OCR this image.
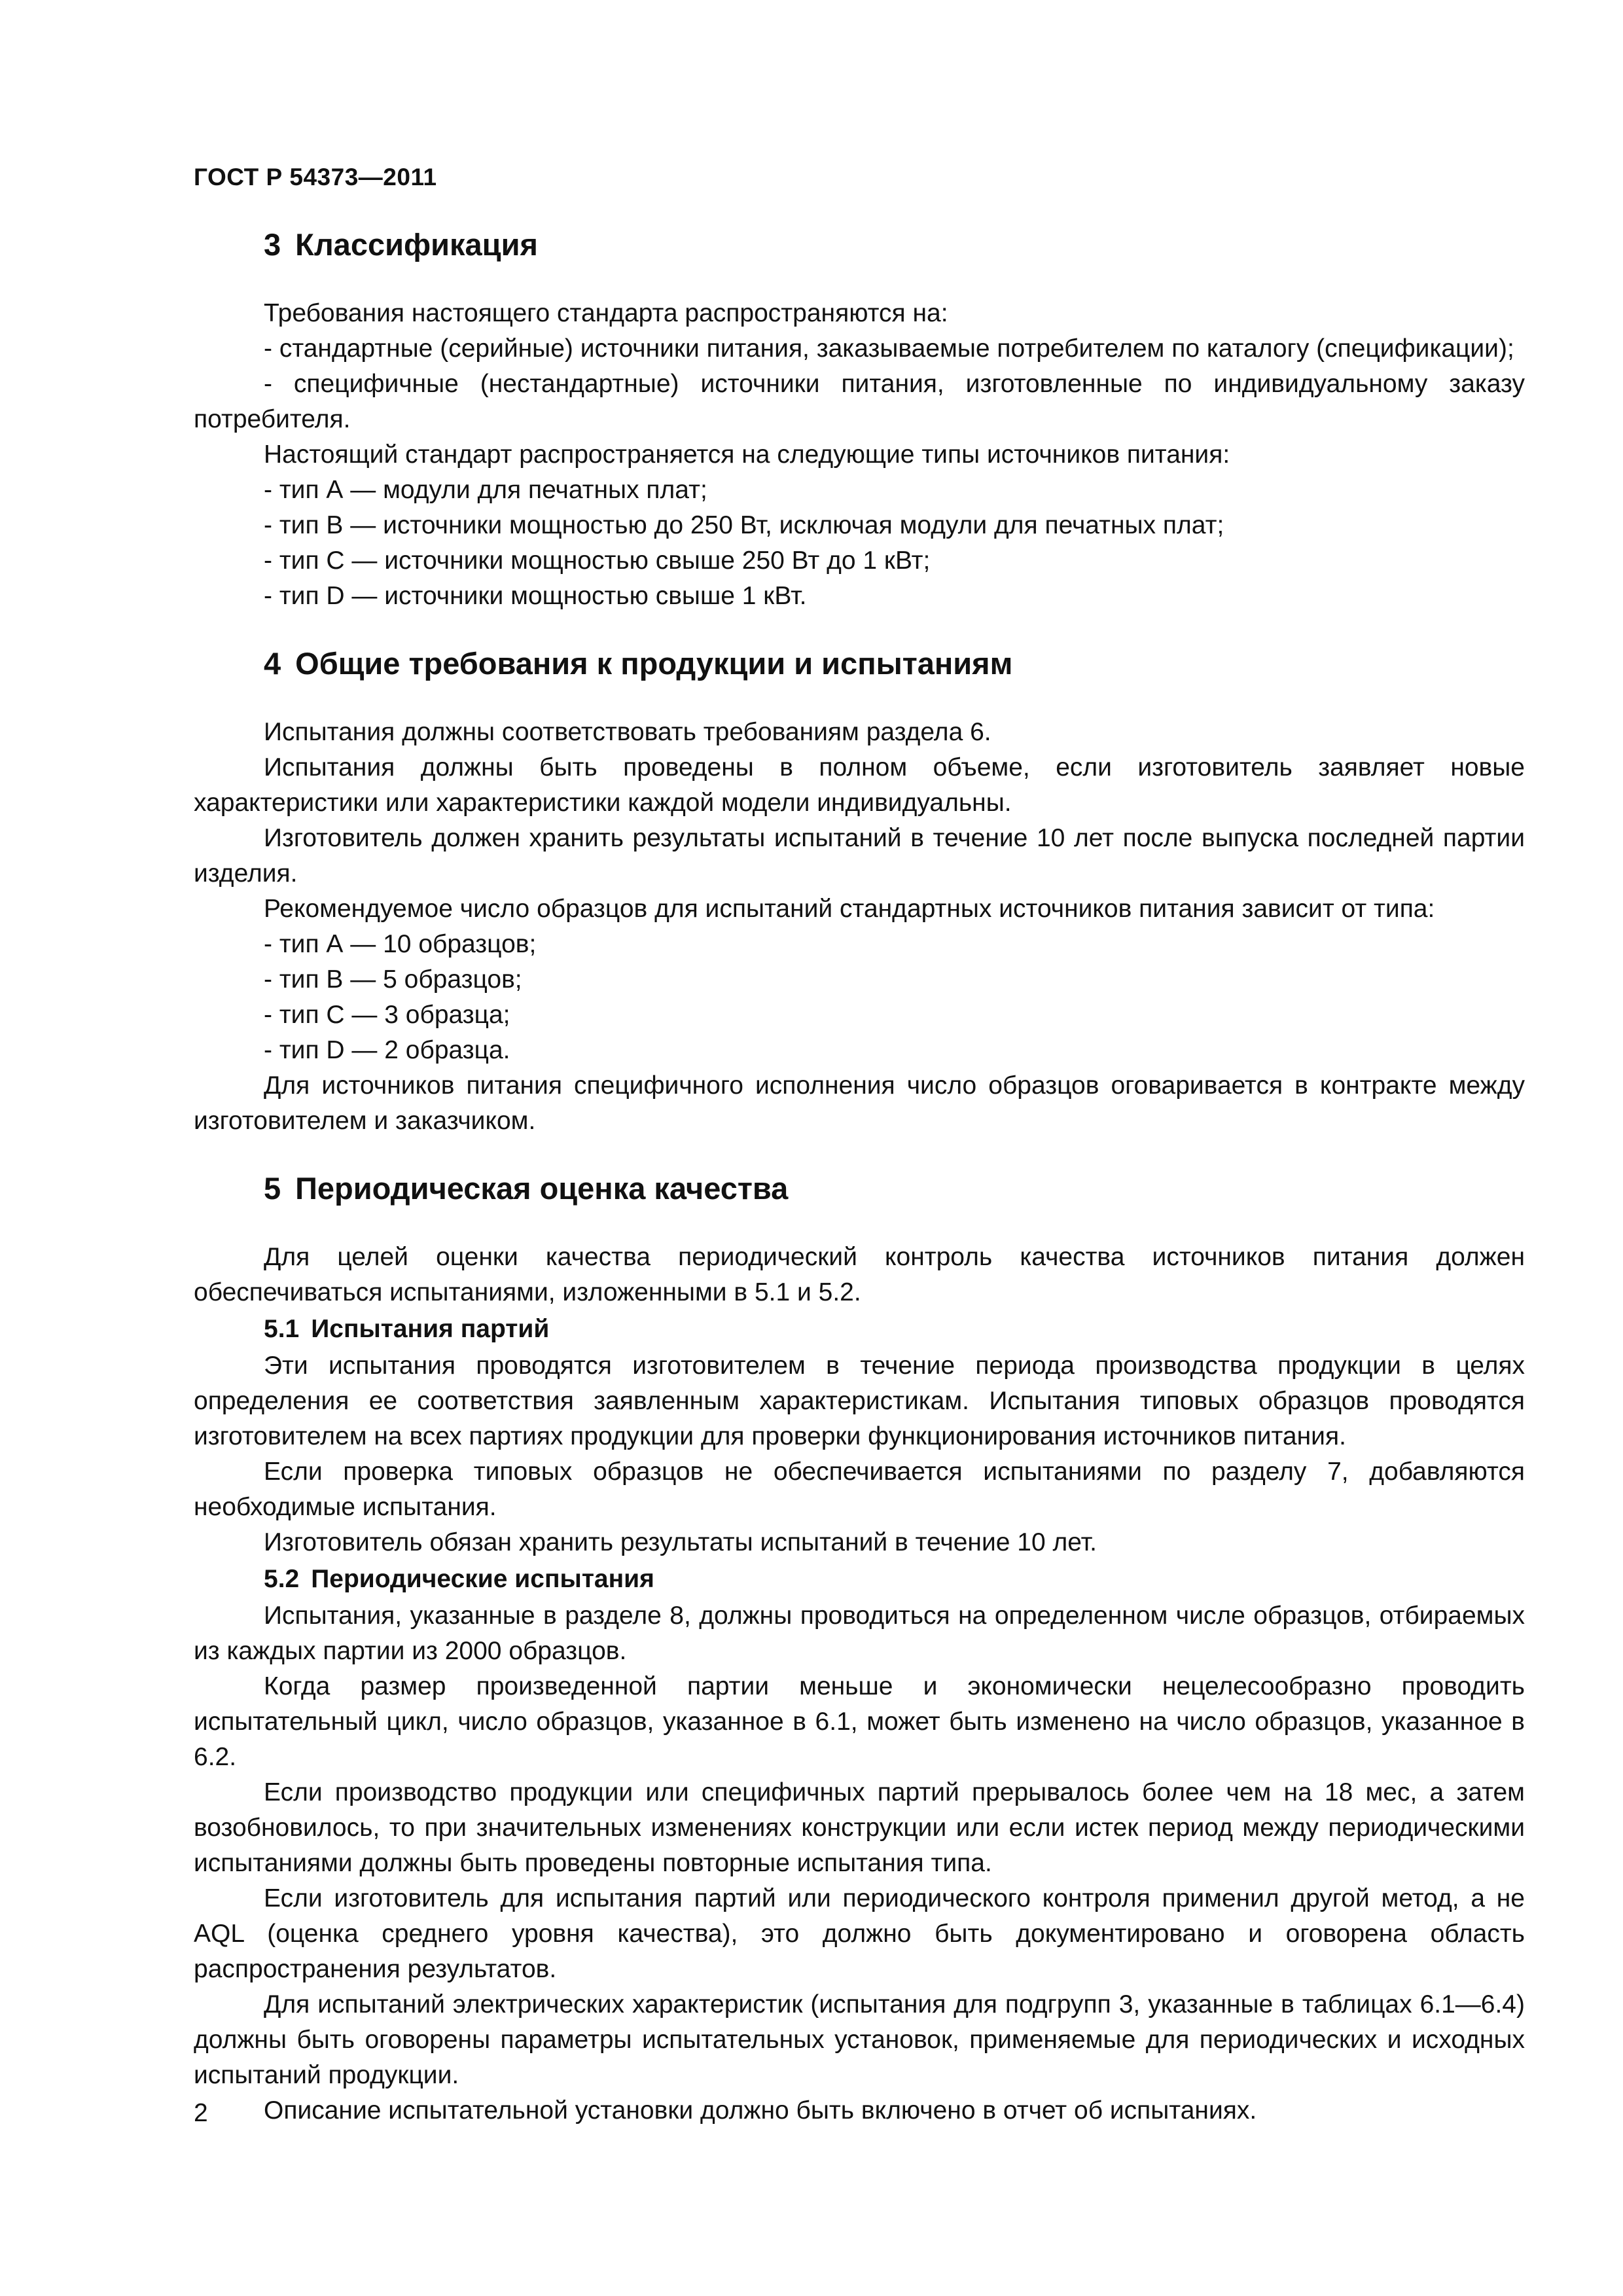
ГОСТ Р 54373—2011
3 Классификация

Требования настоящего стандарта распространяются на:

- стандартные (серийные) источники питания, заказываемые потребителем по каталогу (спецификации);

- специфичные (нестандартные) источники питания, изготовленные по индивидуальному заказу потребителя.

Настоящий стандарт распространяется на следующие типы источников питания:

- тип А — модули для печатных плат;
- тип В — источники мощностью до 250 Вт, исключая модули для печатных плат;
- тип С — источники мощностью свыше 250 Вт до 1 кВт;
- тип D — источники мощностью свыше 1 кВт.
4 Общие требования к продукции и испытаниям

Испытания должны соответствовать требованиям раздела 6.

Испытания должны быть проведены в полном объеме, если изготовитель заявляет новые характеристики или характеристики каждой модели индивидуальны.

Изготовитель должен хранить результаты испытаний в течение 10 лет после выпуска последней партии изделия.

Рекомендуемое число образцов для испытаний стандартных источников питания зависит от типа:

- тип А — 10 образцов;
- тип В — 5 образцов;
- тип С — 3 образца;
- тип D — 2 образца.

Для источников питания специфичного исполнения число образцов оговаривается в контракте между изготовителем и заказчиком.

5 Периодическая оценка качества

Для целей оценки качества периодический контроль качества источников питания должен обеспечиваться испытаниями, изложенными в 5.1 и 5.2.

5.1 Испытания партий

Эти испытания проводятся изготовителем в течение периода производства продукции в целях определения ее соответствия заявленным характеристикам. Испытания типовых образцов проводятся изготовителем на всех партиях продукции для проверки функционирования источников питания.

Если проверка типовых образцов не обеспечивается испытаниями по разделу 7, добавляются необходимые испытания.

Изготовитель обязан хранить результаты испытаний в течение 10 лет.

5.2 Периодические испытания

Испытания, указанные в разделе 8, должны проводиться на определенном числе образцов, отбираемых из каждых партии из 2000 образцов.

Когда размер произведенной партии меньше и экономически нецелесообразно проводить испытательный цикл, число образцов, указанное в 6.1, может быть изменено на число образцов, указанное в 6.2.

Если производство продукции или специфичных партий прерывалось более чем на 18 мес, а затем возобновилось, то при значительных изменениях конструкции или если истек период между периодическими испытаниями должны быть проведены повторные испытания типа.

Если изготовитель для испытания партий или периодического контроля применил другой метод, а не AQL (оценка среднего уровня качества), это должно быть документировано и оговорена область распространения результатов.

Для испытаний электрических характеристик (испытания для подгрупп 3, указанные в таблицах 6.1—6.4) должны быть оговорены параметры испытательных установок, применяемые для периодических и исходных испытаний продукции.

Описание испытательной установки должно быть включено в отчет об испытаниях.

2
